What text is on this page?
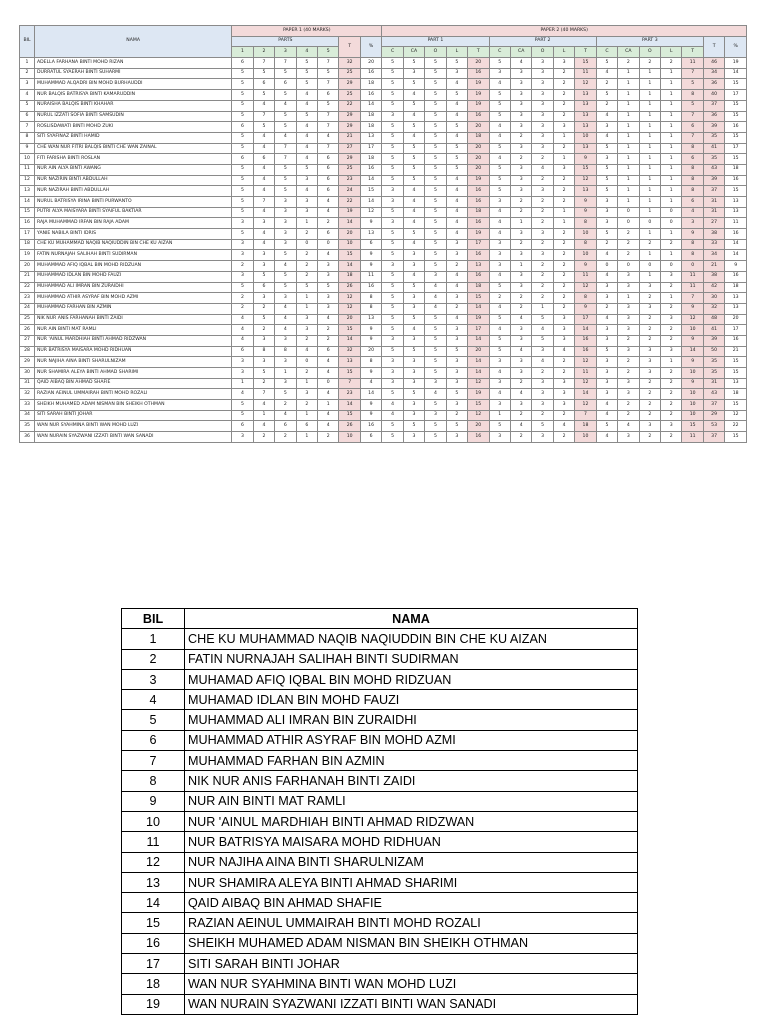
BIL	NAMA	PAPER 1 (40 MARKS)							PAPER 2 (40 MARKS)																
		PARTS					T	%	PART 1					PART 2					PART 3					T	%
		1	2	3	4	5			C	CA	O	L	T	C	CA	O	L	T	C	CA	O	L	T		
1	ADELLA FARHANA BINTI MOHD RIZAN	6	7	7	5	7	32	20	5	5	5	5	20	5	4	3	3	15	5	2	2	2	11	46	19
2	DURRATUL SYAERAH BINTI SUHARMI	5	5	5	5	5	25	16	5	3	5	3	16	3	3	3	2	11	4	1	1	1	7	34	14
3	MUHAMMAD ALQADRI BIN MOHD BURHAUDDI	5	6	6	5	7	29	18	5	5	5	4	19	4	3	3	2	12	2	1	1	1	5	36	15
4	NUR BALQIS BATRISYA BINTI KAMARUDDIN	5	5	5	4	6	25	16	5	4	5	5	19	5	3	3	2	13	5	1	1	1	8	40	17
5	NURAISHA BALQIS BINTI KHAHAR	5	4	4	4	5	22	14	5	5	5	4	19	5	3	3	2	13	2	1	1	1	5	37	15
6	NURUL IZZATI SOFIA BINTI SAMSUDIN	5	7	5	5	7	29	18	3	4	5	4	16	5	3	3	2	13	4	1	1	1	7	36	15
7	ROSLISDAWATI BINTI MOHD ZUKI	6	5	5	4	7	29	18	5	5	5	5	20	4	3	3	3	13	3	1	1	1	6	39	16
8	SITI SYAFINAZ BINTI HAMID	5	4	4	4	4	21	13	5	4	5	4	18	4	2	3	1	10	4	1	1	1	7	35	15
9	CHE WAN NUR FITRI BALQIS BINTI CHE WAN ZAINAL	5	4	7	4	7	27	17	5	5	5	5	20	5	3	3	2	13	5	1	1	1	8	41	17
10	FITI FARISHA BINTI ROSLAN	6	6	7	4	6	29	18	5	5	5	5	20	4	2	2	1	9	3	1	1	1	6	35	15
11	NUR AIN ALYA BINTI AWANG	5	4	5	5	6	25	16	5	5	5	5	20	5	3	4	3	15	5	1	1	1	8	43	18
12	NUR NAZIRIN BINTI ABDULLAH	5	4	5	3	6	23	14	5	5	5	4	19	5	3	2	2	12	5	1	1	1	8	39	16
13	NUR NAZIRAH BINTI ABDULLAH	5	4	5	4	6	24	15	3	4	5	4	16	5	3	3	2	13	5	1	1	1	8	37	15
14	NURUL BATRISYA IRINA BINTI PURWANTO	5	7	3	3	4	22	14	3	4	5	4	16	3	2	2	2	9	3	1	1	1	6	31	13
15	PUTRI ALYA MAISYARA BINTI SYAIFUL BAKTIAR	5	4	3	3	4	19	12	5	4	5	4	18	4	2	2	1	9	3	0	1	0	4	31	13
16	RAJA MUHAMMAD IRFAN BIN RAJA ADAM	3	3	3	1	2	14	9	3	4	5	4	16	4	1	2	1	8	3	0	0	0	3	27	11
17	YANIE NABILA BINTI IDRIS	5	4	3	2	6	20	13	5	5	5	4	19	4	3	3	2	10	5	2	1	1	9	38	16
18	CHE KU MUHAMMAD NAQIB NAQIUDDIN BIN CHE KU AIZAN	3	4	3	0	0	10	6	5	4	5	3	17	3	2	2	2	8	2	2	2	2	8	33	14
19	FATIN NURNAJAH SALIHAH BINTI SUDIRMAN	3	3	5	2	4	15	9	5	3	5	3	16	3	3	3	2	10	4	2	1	1	8	34	14
20	MUHAMMAD AFIQ IQBAL BIN MOHD RIDZUAN	2	3	4	2	3	14	9	3	3	5	2	13	3	1	2	2	9	0	0	0	0	0	21	9
21	MUHAMMAD IDLAN BIN MOHD FAUZI	3	5	5	2	3	18	11	5	4	3	4	16	4	3	2	2	11	4	3	1	3	11	38	16
22	MUHAMMAD ALI IMRAN BIN ZURAIDHI	5	6	5	5	5	26	16	5	5	4	4	18	5	3	2	2	12	3	3	3	2	11	42	18
23	MUHAMMAD ATHIR ASYRAF BIN MOHD AZMI	2	3	3	1	3	12	8	5	3	4	3	15	2	2	2	2	8	3	1	2	1	7	30	13
24	MUHAMMAD FARHAN BIN AZMIN	2	2	4	1	3	12	8	5	3	4	2	14	4	2	1	2	9	2	3	3	2	9	32	13
25	NIK NUR ANIS FARHANAH BINTI ZAIDI	4	5	4	3	4	20	13	5	5	5	4	19	5	4	5	3	17	4	3	2	3	12	48	20
26	NUR AIN BINTI MAT RAMLI	4	2	4	3	2	15	9	5	4	5	3	17	4	3	4	3	14	3	3	2	2	10	41	17
27	NUR 'AINUL MARDHIAH BINTI AHMAD RIDZWAN	4	3	3	2	2	14	9	3	3	5	3	14	5	3	5	3	16	3	2	2	2	9	39	16
28	NUR BATRISYA MAISARA MOHD RIDHUAN	6	8	8	4	6	32	20	5	5	5	5	20	5	4	3	4	16	5	3	3	3	14	50	21
29	NUR NAJIHA AINA BINTI SHARULNIZAM	3	3	3	0	4	13	8	3	3	5	3	14	3	3	4	2	12	3	2	3	1	9	35	15
30	NUR SHAMIRA ALEYA BINTI AHMAD SHARIMI	3	5	1	2	4	15	9	3	3	5	3	14	4	3	2	2	11	3	2	3	2	10	35	15
31	QAID AIBAQ BIN AHMAD SHAFIE	1	2	3	1	0	7	4	3	3	3	3	12	3	2	3	3	12	3	3	2	2	9	31	13
32	RAZIAN AEINUL UMMAIRAH BINTI MOHD ROZALI	4	7	5	3	4	23	14	5	5	4	5	19	4	4	3	3	14	3	3	2	2	10	43	18
33	SHEIKH MUHAMED ADAM NISMAN BIN SHEIKH OTHMAN	5	4	2	2	1	14	9	4	3	5	3	15	3	3	3	3	12	4	2	2	2	10	37	15
34	SITI SARAH BINTI JOHAR	5	1	4	1	4	15	9	4	3	3	2	12	1	2	2	2	7	4	2	2	2	10	29	12
35	WAN NUR SYAHMINA BINTI WAN MOHD LUZI	6	4	6	6	4	26	16	5	5	5	5	20	5	4	5	4	18	5	4	3	3	15	53	22
36	WAN NURAIN SYAZWANI IZZATI BINTI WAN SANADI	3	2	2	1	2	10	6	5	3	5	3	16	3	2	3	2	10	4	3	2	2	11	37	15
BIL	NAMA
1	CHE KU MUHAMMAD NAQIB NAQIUDDIN BIN CHE KU AIZAN
2	FATIN NURNAJAH SALIHAH BINTI SUDIRMAN
3	MUHAMAD AFIQ IQBAL BIN MOHD RIDZUAN
4	MUHAMAD IDLAN BIN MOHD FAUZI
5	MUHAMMAD ALI IMRAN BIN ZURAIDHI
6	MUHAMMAD ATHIR ASYRAF BIN MOHD AZMI
7	MUHAMMAD FARHAN BIN AZMIN
8	NIK NUR ANIS FARHANAH BINTI ZAIDI
9	NUR AIN BINTI MAT RAMLI
10	NUR 'AINUL MARDHIAH BINTI AHMAD RIDZWAN
11	NUR BATRISYA MAISARA MOHD RIDHUAN
12	NUR NAJIHA AINA BINTI SHARULNIZAM
13	NUR SHAMIRA ALEYA BINTI AHMAD SHARIMI
14	QAID AIBAQ BIN AHMAD SHAFIE
15	RAZIAN AEINUL UMMAIRAH BINTI MOHD ROZALI
16	SHEIKH MUHAMED ADAM NISMAN BIN SHEIKH OTHMAN
17	SITI SARAH BINTI JOHAR
18	WAN NUR SYAHMINA BINTI WAN MOHD LUZI
19	WAN NURAIN SYAZWANI IZZATI BINTI WAN SANADI
